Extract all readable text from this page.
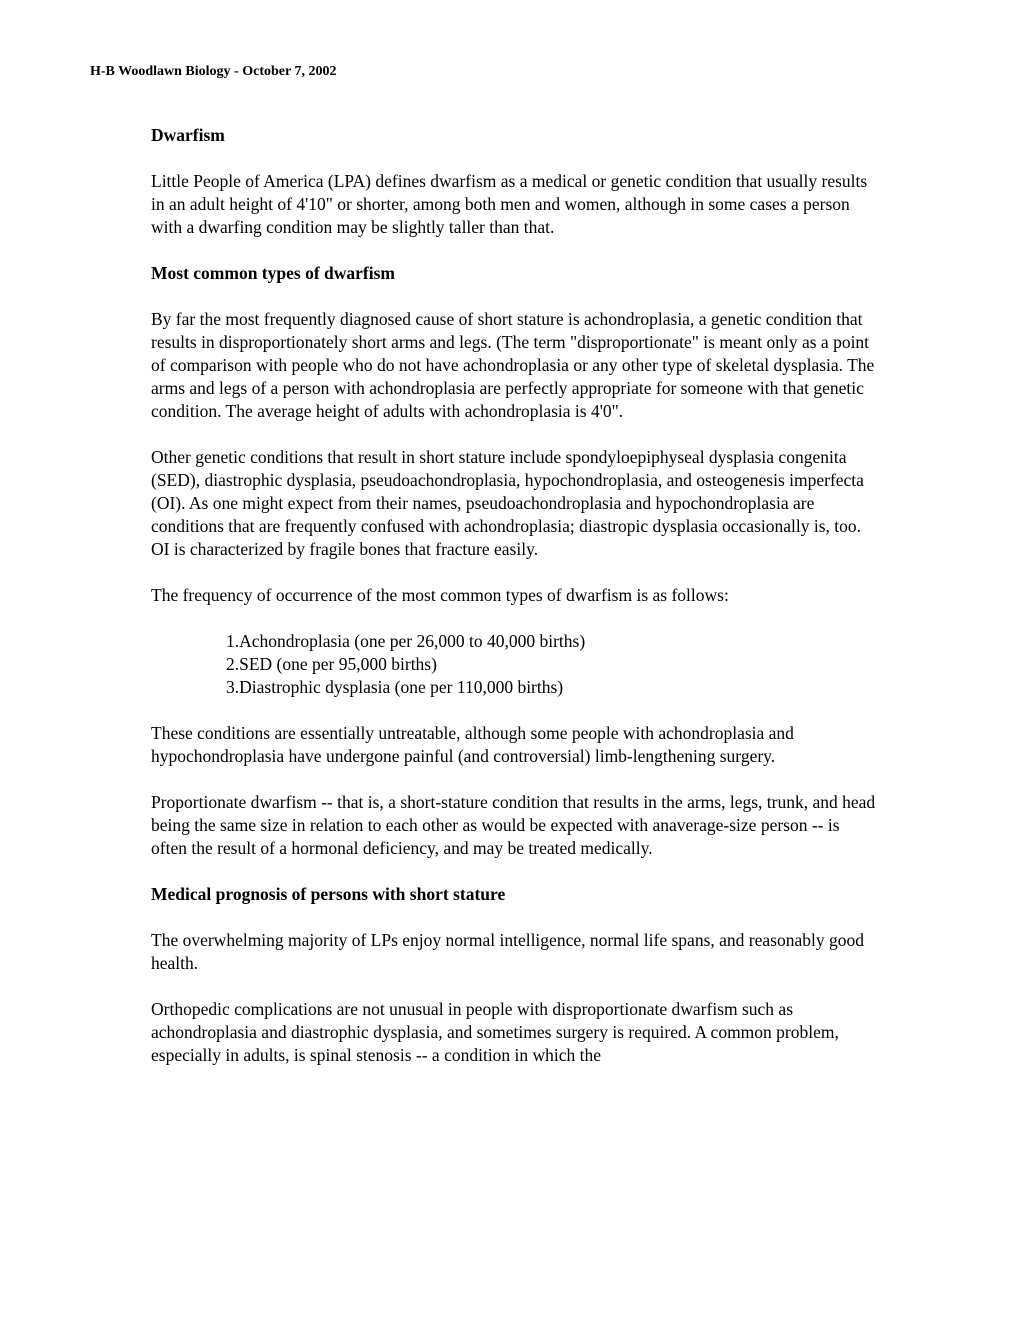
H-B Woodlawn Biology - October 7, 2002
Dwarfism

Little People of America (LPA) defines dwarfism as a medical or genetic condition that usually results in an adult height of 4'10" or shorter, among both men and women, although in some cases a person with a dwarfing condition may be slightly taller than that.

Most common types of dwarfism

By far the most frequently diagnosed cause of short stature is achondroplasia, a genetic condition that results in disproportionately short arms and legs. (The term "disproportionate" is meant only as a point of comparison with people who do not have achondroplasia or any other type of skeletal dysplasia. The arms and legs of a person with achondroplasia are perfectly appropriate for someone with that genetic condition. The average height of adults with achondroplasia is 4'0".

Other genetic conditions that result in short stature include spondyloepiphyseal dysplasia congenita (SED), diastrophic dysplasia, pseudoachondroplasia, hypochondroplasia, and osteogenesis imperfecta (OI). As one might expect from their names, pseudoachondroplasia and hypochondroplasia are conditions that are frequently confused with achondroplasia; diastropic dysplasia occasionally is, too. OI is characterized by fragile bones that fracture easily.

The frequency of occurrence of the most common types of dwarfism is as follows:

1.Achondroplasia (one per 26,000 to 40,000 births)
2.SED (one per 95,000 births)
3.Diastrophic dysplasia (one per 110,000 births)

These conditions are essentially untreatable, although some people with achondroplasia and hypochondroplasia have undergone painful (and controversial) limb-lengthening surgery.

Proportionate dwarfism -- that is, a short-stature condition that results in the arms, legs, trunk, and head being the same size in relation to each other as would be expected with anaverage-size person -- is often the result of a hormonal deficiency, and may be treated medically.

Medical prognosis of persons with short stature

The overwhelming majority of LPs enjoy normal intelligence, normal life spans, and reasonably good health.

Orthopedic complications are not unusual in people with disproportionate dwarfism such as achondroplasia and diastrophic dysplasia, and sometimes surgery is required. A common problem, especially in adults, is spinal stenosis -- a condition in which the
